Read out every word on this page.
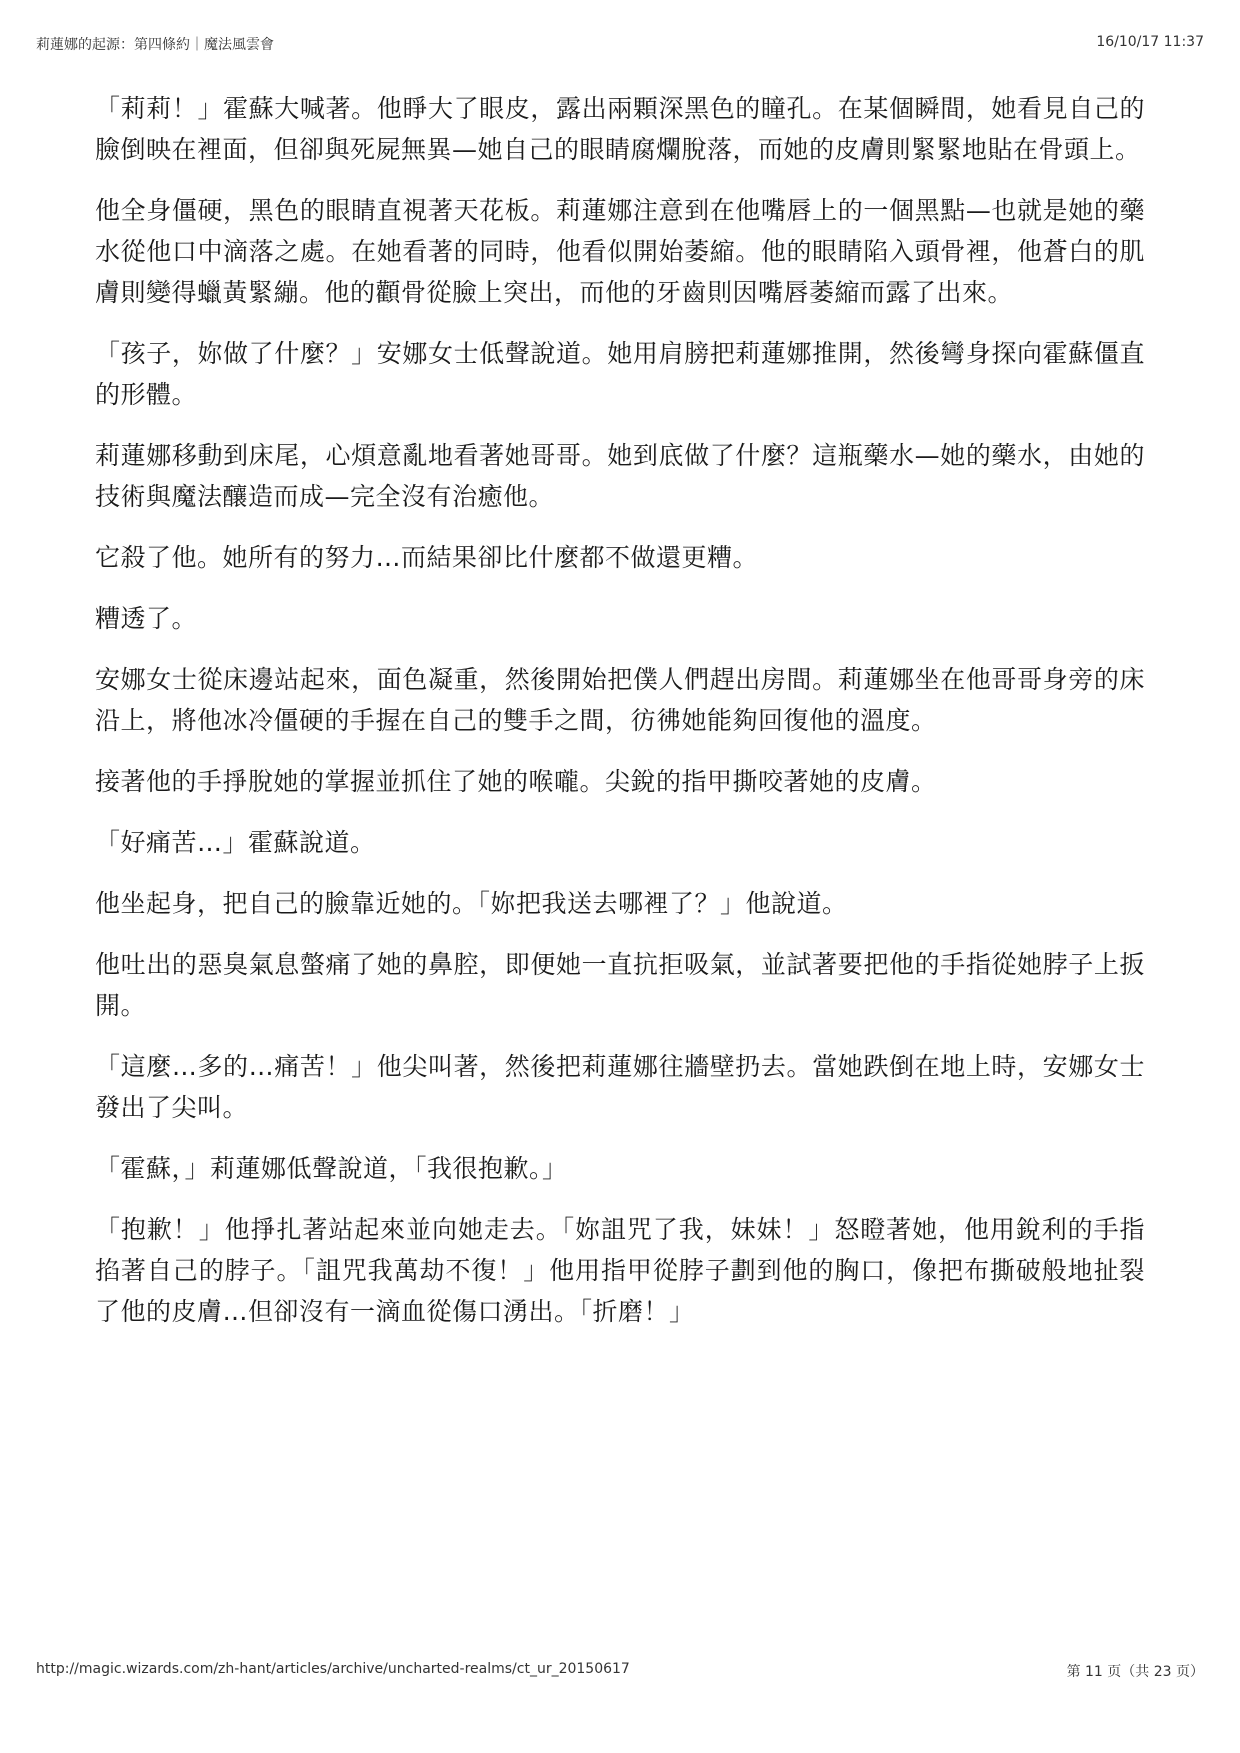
莉蓮娜的起源：第四條約｜魔法風雲會	16/10/17 11:37

「莉莉！」霍蘇大喊著。他睜大了眼皮，露出兩顆深黑色的瞳孔。在某個瞬間，她看見自己的臉倒映在裡面，但卻與死屍無異—她自己的眼睛腐爛脫落，而她的皮膚則緊緊地貼在骨頭上。

他全身僵硬，黑色的眼睛直視著天花板。莉蓮娜注意到在他嘴唇上的一個黑點—也就是她的藥水從他口中滴落之處。在她看著的同時，他看似開始萎縮。他的眼睛陷入頭骨裡，他蒼白的肌膚則變得蠟黃緊繃。他的顴骨從臉上突出，而他的牙齒則因嘴唇萎縮而露了出來。

「孩子，妳做了什麼？」安娜女士低聲說道。她用肩膀把莉蓮娜推開，然後彎身探向霍蘇僵直的形體。

莉蓮娜移動到床尾，心煩意亂地看著她哥哥。她到底做了什麼？這瓶藥水—她的藥水，由她的技術與魔法釀造而成—完全沒有治癒他。

它殺了他。她所有的努力…而結果卻比什麼都不做還更糟。

糟透了。

安娜女士從床邊站起來，面色凝重，然後開始把僕人們趕出房間。莉蓮娜坐在他哥哥身旁的床沿上，將他冰冷僵硬的手握在自己的雙手之間，彷彿她能夠回復他的溫度。

接著他的手掙脫她的掌握並抓住了她的喉嚨。尖銳的指甲撕咬著她的皮膚。

「好痛苦…」霍蘇說道。

他坐起身，把自己的臉靠近她的。「妳把我送去哪裡了？」他說道。

他吐出的惡臭氣息螫痛了她的鼻腔，即便她一直抗拒吸氣，並試著要把他的手指從她脖子上扳開。

「這麼…多的…痛苦！」他尖叫著，然後把莉蓮娜往牆壁扔去。當她跌倒在地上時，安娜女士發出了尖叫。

「霍蘇，」莉蓮娜低聲說道，「我很抱歉。」

「抱歉！」他掙扎著站起來並向她走去。「妳詛咒了我，妹妹！」怒瞪著她，他用銳利的手指掐著自己的脖子。「詛咒我萬劫不復！」他用指甲從脖子劃到他的胸口，像把布撕破般地扯裂了他的皮膚…但卻沒有一滴血從傷口湧出。「折磨！」

http://magic.wizards.com/zh-hant/articles/archive/uncharted-realms/ct_ur_20150617	第 11 页（共 23 页）
